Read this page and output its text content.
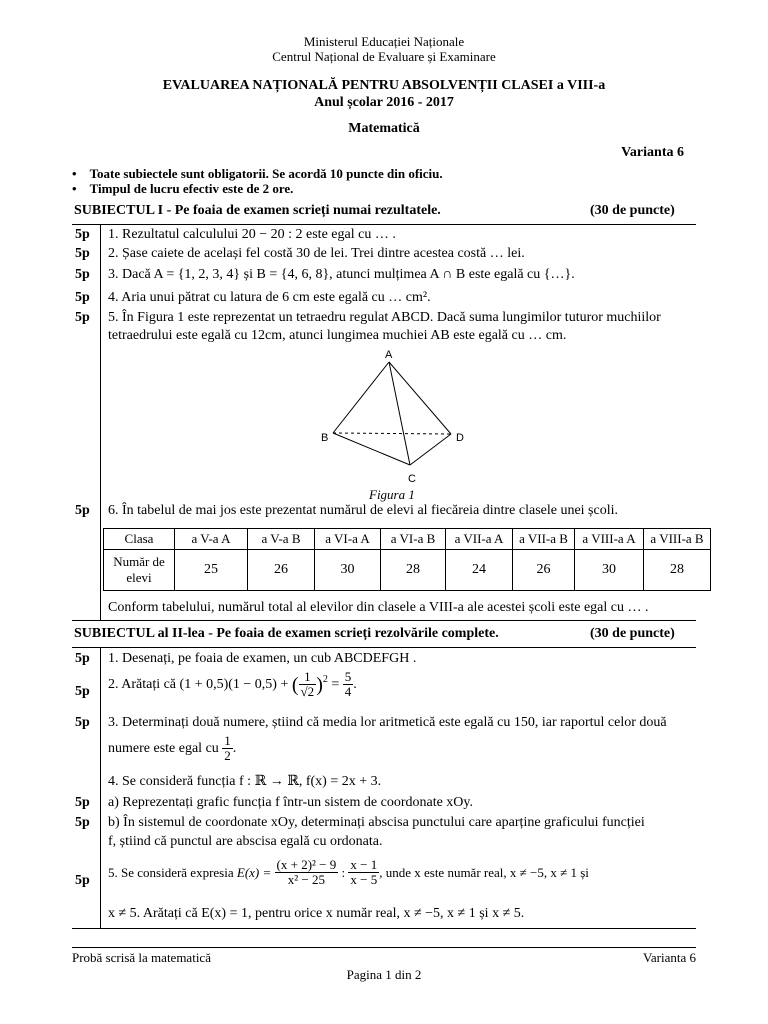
Ministerul Educației Naționale
Centrul Național de Evaluare și Examinare
EVALUAREA NAȚIONALĂ PENTRU ABSOLVENȚII CLASEI a VIII-a
Anul școlar 2016 - 2017
Matematică
Varianta 6
•    Toate subiectele sunt obligatorii. Se acordă 10 puncte din oficiu.
•    Timpul de lucru efectiv este de 2 ore.
SUBIECTUL I - Pe foaia de examen scrieți numai rezultatele.	(30 de puncte)
5p 1. Rezultatul calculului 20 − 20 : 2 este egal cu … .
5p 2. Șase caiete de același fel costă 30 de lei. Trei dintre acestea costă … lei.
5p 3. Dacă A = {1, 2, 3, 4} și B = {4, 6, 8}, atunci mulțimea A ∩ B este egală cu {…}.
5p 4. Aria unui pătrat cu latura de 6 cm este egală cu … cm².
5p 5. În Figura 1 este reprezentat un tetraedru regulat ABCD. Dacă suma lungimilor tuturor muchiilor
tetraedrului este egală cu 12cm, atunci lungimea muchiei AB este egală cu … cm.
A
B
C
D
Figura 1
5p 6. În tabelul de mai jos este prezentat numărul de elevi al fiecăreia dintre clasele unei școli.
Clasa	a V-a A	a V-a B	a VI-a A	a VI-a B	a VII-a A	a VII-a B	a VIII-a A	a VIII-a B
Număr de elevi	25	26	30	28	24	26	30	28
Conform tabelului, numărul total al elevilor din clasele a VIII-a ale acestei școli este egal cu … .
SUBIECTUL al II-lea - Pe foaia de examen scrieți rezolvările complete.	(30 de puncte)
5p 1. Desenați, pe foaia de examen, un cub ABCDEFGH .
5p 2. Arătați că (1 + 0,5)(1 − 0,5) + ( $\frac{1}{√2} )^2 = \frac{5}{4}$ .
5p 3. Determinați două numere, știind că media lor aritmetică este egală cu 150, iar raportul celor două
numere este egal cu $\frac{1}{2}$ .
4. Se consideră funcția f : ℝ → ℝ, f(x) = 2x + 3.
5p a) Reprezentați grafic funcția f într-un sistem de coordonate xOy.
5p b) În sistemul de coordonate xOy, determinați abscisa punctului care aparține graficului funcției
f, știind că punctul are abscisa egală cu ordonata.
5p
5. Se consideră expresia $E(x) = \frac{\text{(x + 2)² − 9}}{\text{x² − 25}}$ : $\frac{x - 1}{x - 5}$ , unde x este număr real, x ≠ −5, x ≠ 1 și
x ≠ 5. Arătați că E(x) = 1, pentru orice x număr real, x ≠ −5, x ≠ 1 și x ≠ 5.
Probă scrisă la matematică	Varianta 6
Pagina 1 din 2
